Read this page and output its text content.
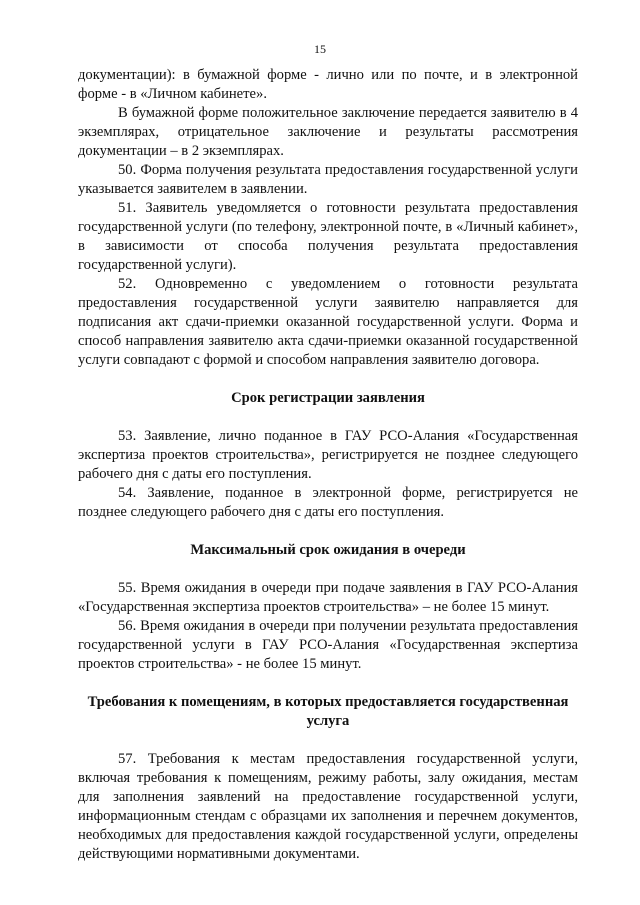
15

документации): в бумажной форме - лично или по почте, и в электронной форме - в «Личном кабинете».

В бумажной форме положительное заключение передается заявителю в 4 экземплярах, отрицательное заключение и результаты рассмотрения документации – в 2 экземплярах.

50. Форма получения результата предоставления государственной услуги указывается заявителем в заявлении.

51. Заявитель уведомляется о готовности результата предоставления государственной услуги (по телефону, электронной почте, в «Личный кабинет», в зависимости от способа получения результата предоставления государственной услуги).

52. Одновременно с уведомлением о готовности результата предоставления государственной услуги заявителю направляется для подписания акт сдачи-приемки оказанной государственной услуги. Форма и способ направления заявителю акта сдачи-приемки оказанной государственной услуги совпадают с формой и способом направления заявителю договора.

Срок регистрации заявления

53. Заявление, лично поданное в ГАУ РСО-Алания «Государственная экспертиза проектов строительства», регистрируется не позднее следующего рабочего дня с даты его поступления.

54. Заявление, поданное в электронной форме, регистрируется не позднее следующего рабочего дня с даты его поступления.

Максимальный срок ожидания в очереди

55. Время ожидания в очереди при подаче заявления в ГАУ РСО-Алания «Государственная экспертиза проектов строительства» – не более 15 минут.

56. Время ожидания в очереди при получении результата предоставления государственной услуги в ГАУ РСО-Алания «Государственная экспертиза проектов строительства» - не более 15 минут.

Требования к помещениям, в которых предоставляется государственная услуга

57. Требования к местам предоставления государственной услуги, включая требования к помещениям, режиму работы, залу ожидания, местам для заполнения заявлений на предоставление государственной услуги, информационным стендам с образцами их заполнения и перечнем документов, необходимых для предоставления каждой государственной услуги, определены действующими нормативными документами.
